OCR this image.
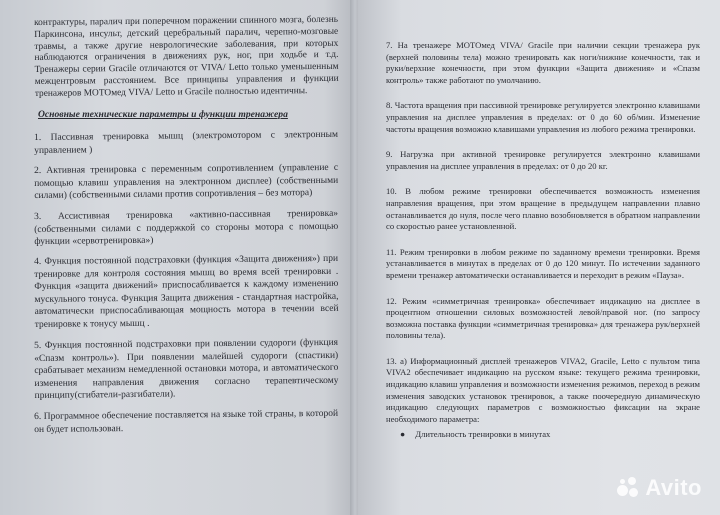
контрактуры, паралич при поперечном поражении спинного мозга, болезнь Паркинсона, инсульт, детский церебральный паралич, черепно-мозговые травмы, а также другие неврологические заболевания, при которых наблюдаются ограничения в движениях рук, ног, при ходьбе и т.д. Тренажеры серии Gracile отличаются от VIVA/ Letto только уменьшенным межцентровым расстоянием. Все принципы управления и функции тренажеров МОТОмед VIVA/ Letto и Gracile полностью идентичны.

Основные технические параметры и функции тренажера

1. Пассивная тренировка мышц (электромотором с электронным управлением )

2. Активная тренировка с переменным сопротивлением (управление с помощью клавиш управления на электронном дисплее) (собственными силами) (собственными силами против сопротивления – без мотора)

3. Ассистивная тренировка «активно-пассивная тренировка» (собственными силами с поддержкой со стороны мотора с помощью функции «сервотренировка»)

4. Функция постоянной подстраховки (функция «Защита движения») при тренировке для контроля состояния мышц во время всей тренировки . Функция «защита движений» приспосабливается к каждому изменению мускульного тонуса. Функция Защита движения - стандартная настройка, автоматически приспосабливающая мощность мотора в течении всей тренировке к тонусу мышц .

5. Функция постоянной подстраховки при появлении судороги (функция «Спазм контроль»). При появлении малейшей судороги (спастики) срабатывает механизм немедленной остановки мотора, и автоматического изменения направления движения согласно терапевтическому принципу(сгибатели-разгибатели).

6. Программное обеспечение поставляется на языке той страны, в которой он будет использован.

7. На тренажере МОТОмед VIVA/ Gracile при наличии секции тренажера рук (верхней половины тела) можно тренировать как ноги/нижние конечности, так и руки/верхние конечности, при этом функции «Защита движения» и «Спазм контроль» также работают по умолчанию.

8. Частота вращения при пассивной тренировке регулируется электронно клавишами управления на дисплее управления в пределах: от 0 до 60 об/мин. Изменение частоты вращения возможно клавишами управления из любого режима тренировки.

9. Нагрузка при активной тренировке регулируется электронно клавишами управления на дисплее управления в пределах: от 0 до 20 кг.

10. В любом режиме тренировки обеспечивается возможность изменения направления вращения, при этом вращение в предыдущем направлении плавно останавливается до нуля, после чего плавно возобновляется в обратном направлении со скоростью ранее установленной.

11. Режим тренировки в любом режиме по заданному времени тренировки. Время устанавливается в минутах в пределах от 0 до 120 минут. По истечении заданного времени тренажер автоматически останавливается и переходит в режим «Пауза».

12. Режим «симметричная тренировка» обеспечивает индикацию на дисплее в процентном отношении силовых возможностей левой/правой ног. (по запросу возможна поставка функции «симметричная тренировка» для тренажера рук/верхней половины тела).

13. а) Информационный дисплей тренажеров VIVA2, Gracile, Letto с пультом типа VIVA2 обеспечивает индикацию на русском языке: текущего режима тренировки, индикацию клавиш управления и возможности изменения режимов, переход в режим изменения заводских установок тренировок, а также поочередную динамическую индикацию следующих параметров с возможностью фиксации на экране необходимого параметра:

● Длительность тренировки в минутах
Avito
